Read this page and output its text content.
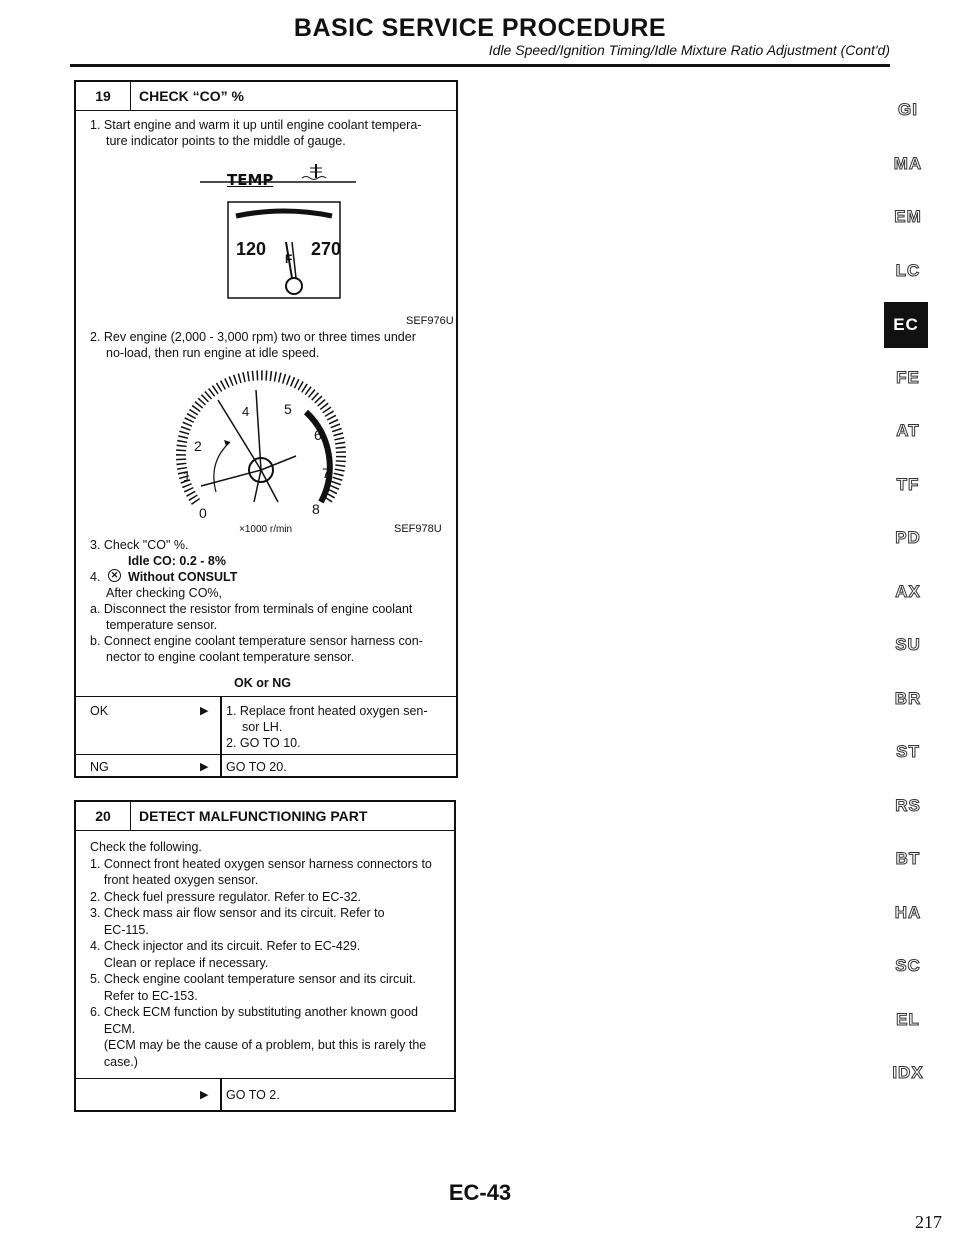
BASIC SERVICE PROCEDURE
Idle Speed/Ignition Timing/Idle Mixture Ratio Adjustment (Cont'd)
19	CHECK “CO” %
1. Start engine and warm it up until engine coolant tempera-
ture indicator points to the middle of gauge.
TEMP
120 270
F
SEF976U
2. Rev engine (2,000 - 3,000 rpm) two or three times under
no-load, then run engine at idle speed.
0
1
2
4 5
6
7
8
×1000 r/min	SEF978U
3. Check "CO" %.
Idle CO: 0.2 - 8%
4.	✕ Without CONSULT
After checking CO%,
a. Disconnect the resistor from terminals of engine coolant
temperature sensor.
b. Connect engine coolant temperature sensor harness con-
nector to engine coolant temperature sensor.
OK or NG
OK	▶ 1. Replace front heated oxygen sen-
sor LH.
2. GO TO 10.
NG	▶ GO TO 20.
20	DETECT MALFUNCTIONING PART
Check the following.
1. Connect front heated oxygen sensor harness connectors to
front heated oxygen sensor.
2. Check fuel pressure regulator. Refer to EC-32.
3. Check mass air flow sensor and its circuit. Refer to
EC-115.
4. Check injector and its circuit. Refer to EC-429.
Clean or replace if necessary.
5. Check engine coolant temperature sensor and its circuit.
Refer to EC-153.
6. Check ECM function by substituting another known good
ECM.
(ECM may be the cause of a problem, but this is rarely the
case.)
▶ GO TO 2.
GI
MA
EM
LC
EC
FE
AT
TF
PD
AX
SU
BR
ST
RS
BT
HA
SC
EL
IDX
EC-43
217
